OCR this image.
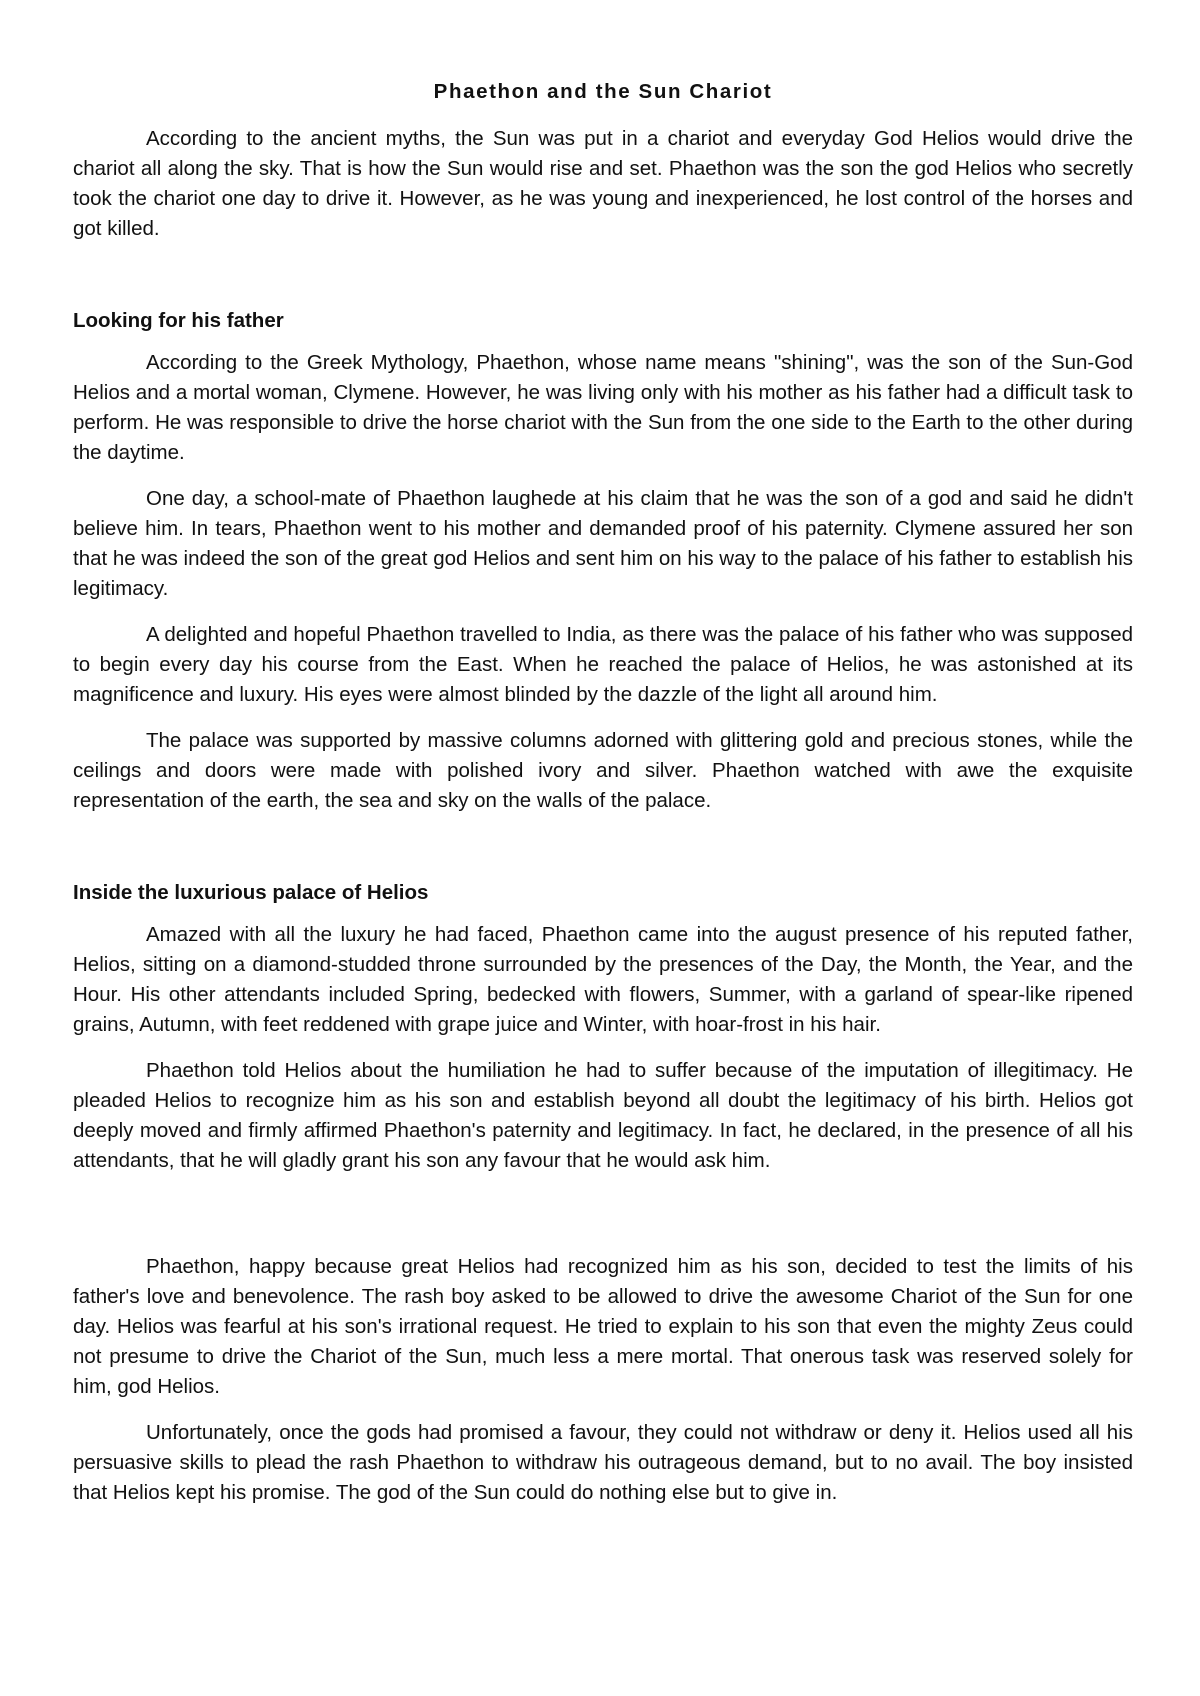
Phaethon and the Sun Chariot

According to the ancient myths, the Sun was put in a chariot and everyday God Helios would drive the chariot all along the sky. That is how the Sun would rise and set. Phaethon was the son the god Helios who secretly took the chariot one day to drive it. However, as he was young and inexperienced, he lost control of the horses and got killed.

Looking for his father

According to the Greek Mythology, Phaethon, whose name means "shining", was the son of the Sun-God Helios and a mortal woman, Clymene. However, he was living only with his mother as his father had a difficult task to perform. He was responsible to drive the horse chariot with the Sun from the one side to the Earth to the other during the daytime.

One day, a school-mate of Phaethon laughede at his claim that he was the son of a god and said he didn't believe him. In tears, Phaethon went to his mother and demanded proof of his paternity. Clymene assured her son that he was indeed the son of the great god Helios and sent him on his way to the palace of his father to establish his legitimacy.

A delighted and hopeful Phaethon travelled to India, as there was the palace of his father who was supposed to begin every day his course from the East. When he reached the palace of Helios, he was astonished at its magnificence and luxury. His eyes were almost blinded by the dazzle of the light all around him.

The palace was supported by massive columns adorned with glittering gold and precious stones, while the ceilings and doors were made with polished ivory and silver. Phaethon watched with awe the exquisite representation of the earth, the sea and sky on the walls of the palace.

Inside the luxurious palace of Helios

Amazed with all the luxury he had faced, Phaethon came into the august presence of his reputed father, Helios, sitting on a diamond-studded throne surrounded by the presences of the Day, the Month, the Year, and the Hour. His other attendants included Spring, bedecked with flowers, Summer, with a garland of spear-like ripened grains, Autumn, with feet reddened with grape juice and Winter, with hoar-frost in his hair.

Phaethon told Helios about the humiliation he had to suffer because of the imputation of illegitimacy. He pleaded Helios to recognize him as his son and establish beyond all doubt the legitimacy of his birth. Helios got deeply moved and firmly affirmed Phaethon's paternity and legitimacy. In fact, he declared, in the presence of all his attendants, that he will gladly grant his son any favour that he would ask him.

Phaethon, happy because great Helios had recognized him as his son, decided to test the limits of his father's love and benevolence. The rash boy asked to be allowed to drive the awesome Chariot of the Sun for one day. Helios was fearful at his son's irrational request. He tried to explain to his son that even the mighty Zeus could not presume to drive the Chariot of the Sun, much less a mere mortal. That onerous task was reserved solely for him, god Helios.

Unfortunately, once the gods had promised a favour, they could not withdraw or deny it. Helios used all his persuasive skills to plead the rash Phaethon to withdraw his outrageous demand, but to no avail. The boy insisted that Helios kept his promise. The god of the Sun could do nothing else but to give in.
